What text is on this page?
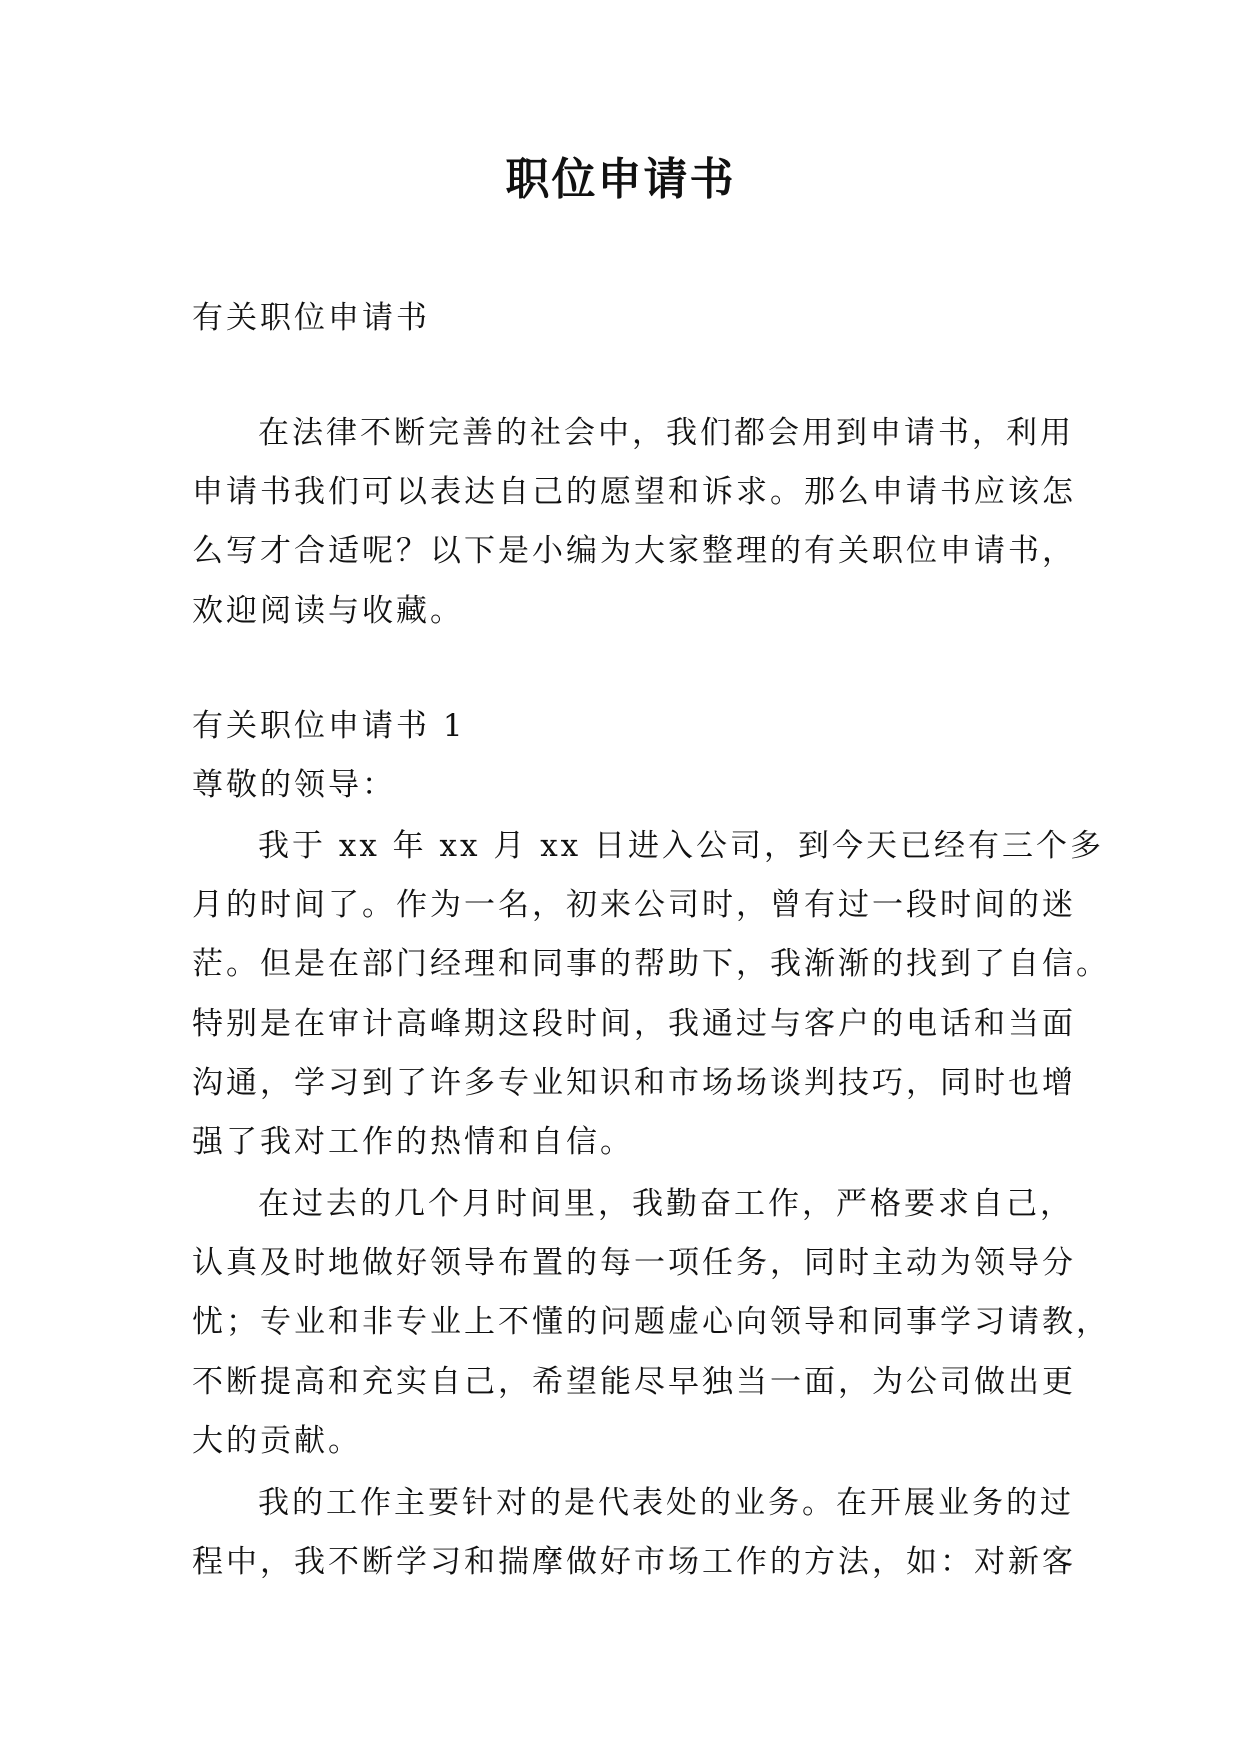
职位申请书
有关职位申请书
在法律不断完善的社会中，我们都会用到申请书，利用
申请书我们可以表达自己的愿望和诉求。那么申请书应该怎
么写才合适呢？以下是小编为大家整理的有关职位申请书，
欢迎阅读与收藏。
有关职位申请书 1
尊敬的领导：
我于 xx 年 xx 月 xx 日进入公司，到今天已经有三个多
月的时间了。作为一名，初来公司时，曾有过一段时间的迷
茫。但是在部门经理和同事的帮助下，我渐渐的找到了自信。
特别是在审计高峰期这段时间，我通过与客户的电话和当面
沟通，学习到了许多专业知识和市场场谈判技巧，同时也增
强了我对工作的热情和自信。
在过去的几个月时间里，我勤奋工作，严格要求自己，
认真及时地做好领导布置的每一项任务，同时主动为领导分
忧；专业和非专业上不懂的问题虚心向领导和同事学习请教，
不断提高和充实自己，希望能尽早独当一面，为公司做出更
大的贡献。
我的工作主要针对的是代表处的业务。在开展业务的过
程中，我不断学习和揣摩做好市场工作的方法，如：对新客
